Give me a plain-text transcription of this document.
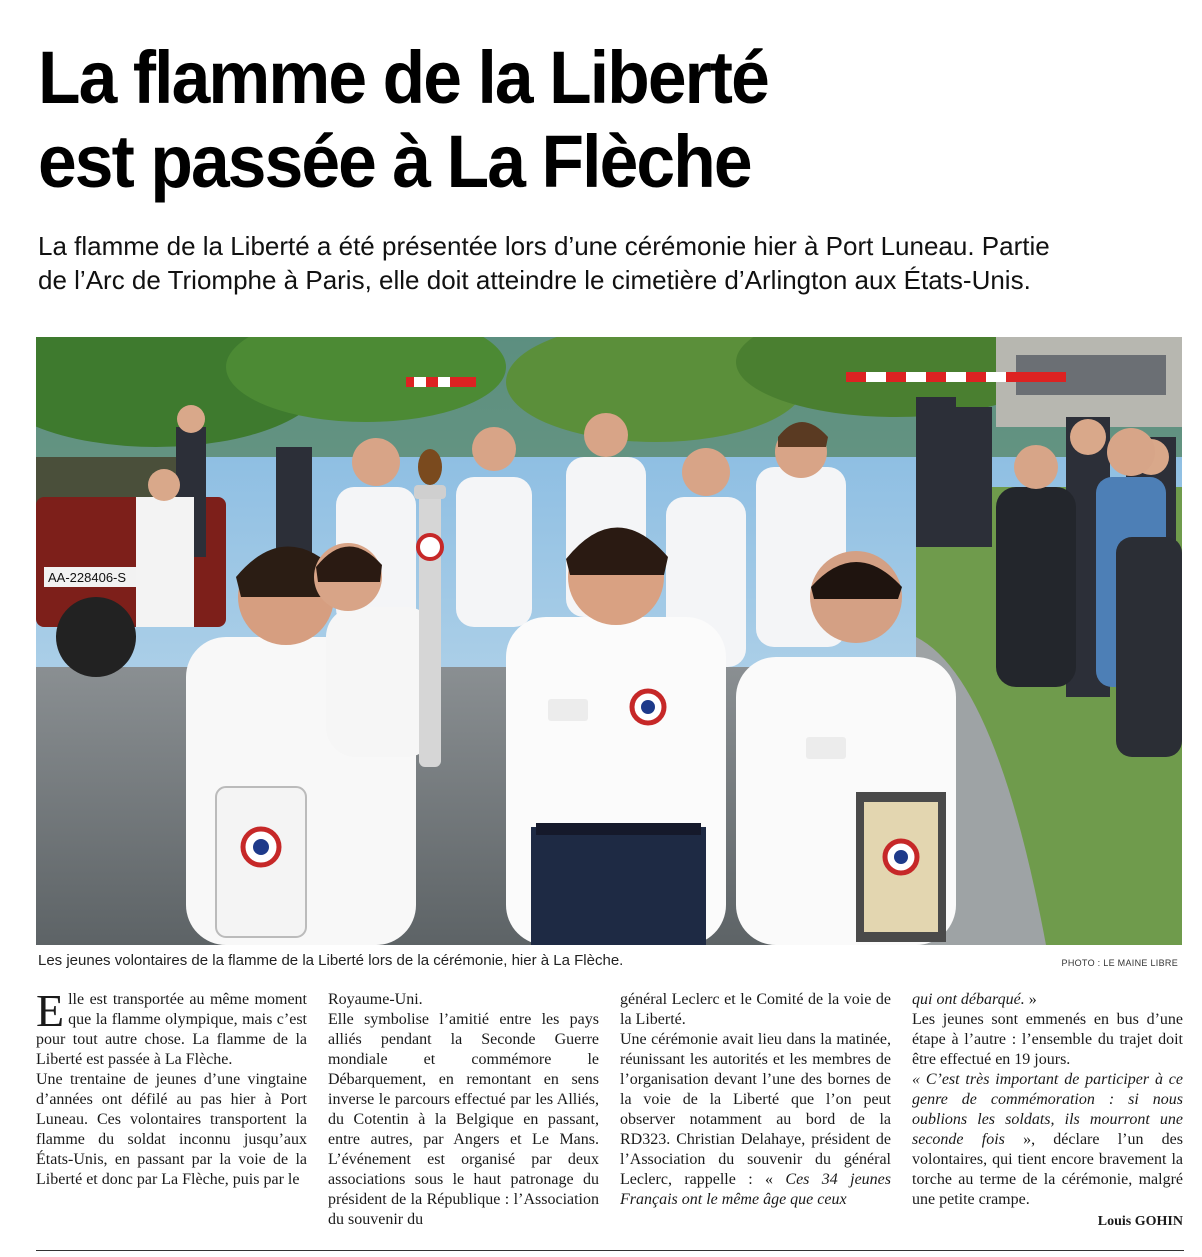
La flamme de la Liberté
est passée à La Flèche

La flamme de la Liberté a été présentée lors d’une cérémonie hier à Port Luneau. Partie
de l’Arc de Triomphe à Paris, elle doit atteindre le cimetière d’Arlington aux États-Unis.

AA-228406-S
Les jeunes volontaires de la flamme de la Liberté lors de la cérémonie, hier à La Flèche.	PHOTO : LE MAINE LIBRE

Elle est transportée au même moment que la flamme olympique, mais c’est pour tout autre chose. La flamme de la Liberté est passée à La Flèche.

Une trentaine de jeunes d’une vingtaine d’années ont défilé au pas hier à Port Luneau. Ces volontaires transportent la flamme du soldat inconnu jusqu’aux États-Unis, en passant par la voie de la Liberté et donc par La Flèche, puis par le

Royaume-Uni.

Elle symbolise l’amitié entre les pays alliés pendant la Seconde Guerre mondiale et commémore le Débarquement, en remontant en sens inverse le parcours effectué par les Alliés, du Cotentin à la Belgique en passant, entre autres, par Angers et Le Mans. L’événement est organisé par deux associations sous le haut patronage du président de la République : l’Association du souvenir du

général Leclerc et le Comité de la voie de la Liberté.

Une cérémonie avait lieu dans la matinée, réunissant les autorités et les membres de l’organisation devant l’une des bornes de la voie de la Liberté que l’on peut observer notamment au bord de la RD323. Christian Delahaye, président de l’Association du souvenir du général Leclerc, rappelle : « Ces 34 jeunes Français ont le même âge que ceux

qui ont débarqué. »

Les jeunes sont emmenés en bus d’une étape à l’autre : l’ensemble du trajet doit être effectué en 19 jours.

« C’est très important de participer à ce genre de commémoration : si nous oublions les soldats, ils mourront une seconde fois », déclare l’un des volontaires, qui tient encore bravement la torche au terme de la cérémonie, malgré une petite crampe.

Louis GOHIN
